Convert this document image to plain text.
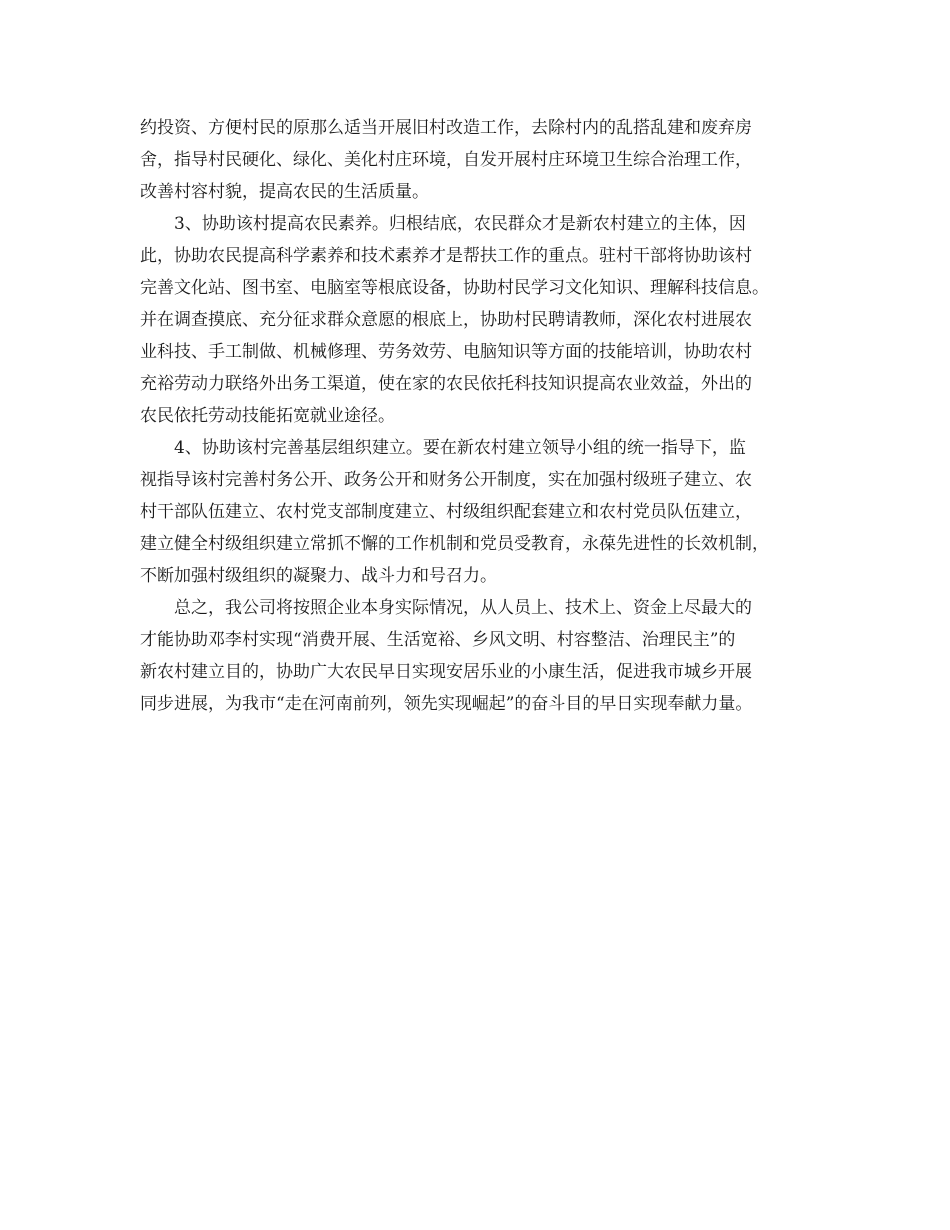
约投资、方便村民的原那么适当开展旧村改造工作，去除村内的乱搭乱建和废弃房

舍，指导村民硬化、绿化、美化村庄环境，自发开展村庄环境卫生综合治理工作，

改善村容村貌，提高农民的生活质量。

3、协助该村提高农民素养。归根结底，农民群众才是新农村建立的主体，因

此，协助农民提高科学素养和技术素养才是帮扶工作的重点。驻村干部将协助该村

完善文化站、图书室、电脑室等根底设备，协助村民学习文化知识、理解科技信息。

并在调查摸底、充分征求群众意愿的根底上，协助村民聘请教师，深化农村进展农

业科技、手工制做、机械修理、劳务效劳、电脑知识等方面的技能培训，协助农村

充裕劳动力联络外出务工渠道，使在家的农民依托科技知识提高农业效益，外出的

农民依托劳动技能拓宽就业途径。

4、协助该村完善基层组织建立。要在新农村建立领导小组的统一指导下，监

视指导该村完善村务公开、政务公开和财务公开制度，实在加强村级班子建立、农

村干部队伍建立、农村党支部制度建立、村级组织配套建立和农村党员队伍建立，

建立健全村级组织建立常抓不懈的工作机制和党员受教育，永葆先进性的长效机制，

不断加强村级组织的凝聚力、战斗力和号召力。

总之，我公司将按照企业本身实际情况，从人员上、技术上、资金上尽最大的

才能协助邓李村实现“消费开展、生活宽裕、乡风文明、村容整洁、治理民主”的

新农村建立目的，协助广大农民早日实现安居乐业的小康生活，促进我市城乡开展

同步进展，为我市“走在河南前列，领先实现崛起”的奋斗目的早日实现奉献力量。
